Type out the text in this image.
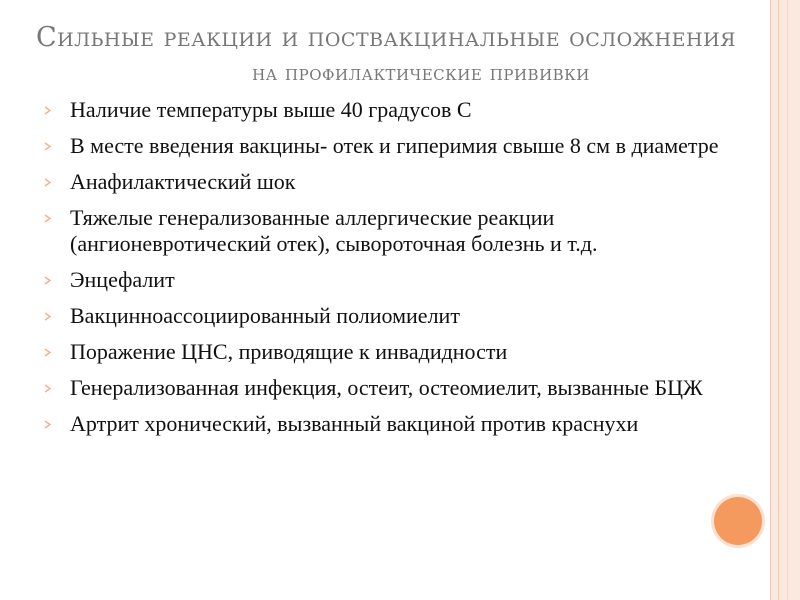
Сильные реакции и поствакцинальные осложнения
на профилактические прививки
Наличие температуры выше 40 градусов С
В месте введения вакцины- отек и гиперимия свыше 8 см в диаметре
Анафилактический шок
Тяжелые генерализованные аллергические реакции (ангионевротический отек), сывороточная болезнь и т.д.
Энцефалит
Вакцинноассоциированный полиомиелит
Поражение ЦНС, приводящие к инвадидности
Генерализованная инфекция, остеит, остеомиелит, вызванные БЦЖ
Артрит хронический, вызванный вакциной против краснухи
